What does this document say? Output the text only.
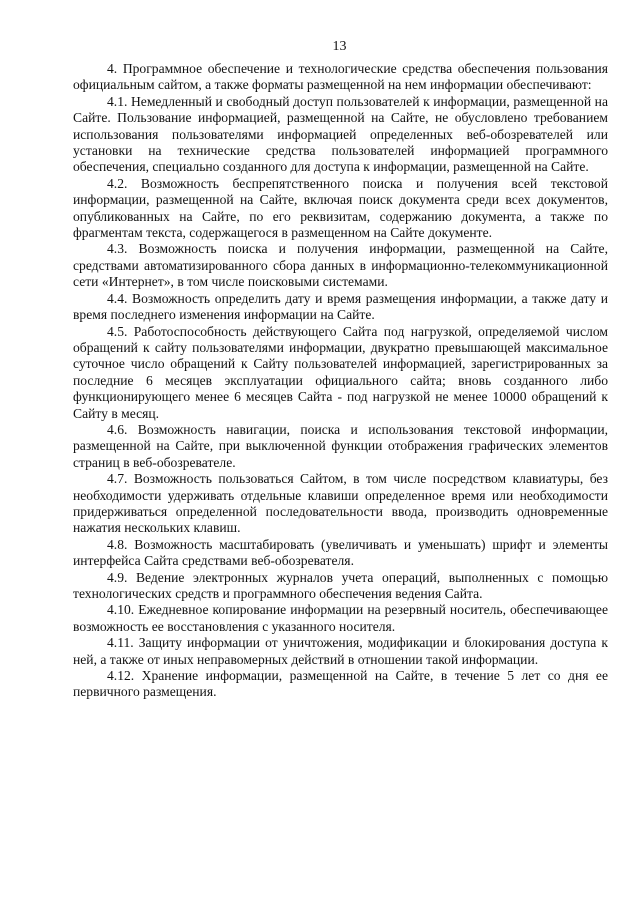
13

4. Программное обеспечение и технологические средства обеспечения пользования официальным сайтом, а также форматы размещенной на нем информации обеспечивают:

4.1. Немедленный и свободный доступ пользователей к информации, размещенной на Сайте. Пользование информацией, размещенной на Сайте, не обусловлено требованием использования пользователями информацией определенных веб-обозревателей или установки на технические средства пользователей информацией программного обеспечения, специально созданного для доступа к информации, размещенной на Сайте.

4.2. Возможность беспрепятственного поиска и получения всей текстовой информации, размещенной на Сайте, включая поиск документа среди всех документов, опубликованных на Сайте, по его реквизитам, содержанию документа, а также по фрагментам текста, содержащегося в размещенном на Сайте документе.

4.3. Возможность поиска и получения информации, размещенной на Сайте, средствами автоматизированного сбора данных в информационно-телекоммуникационной сети «Интернет», в том числе поисковыми системами.

4.4. Возможность определить дату и время размещения информации, а также дату и время последнего изменения информации на Сайте.

4.5. Работоспособность действующего Сайта под нагрузкой, определяемой числом обращений к сайту пользователями информации, двукратно превышающей максимальное суточное число обращений к Сайту пользователей информацией, зарегистрированных за последние 6 месяцев эксплуатации официального сайта; вновь созданного либо функционирующего менее 6 месяцев Сайта - под нагрузкой не менее 10000 обращений к Сайту в месяц.

4.6. Возможность навигации, поиска и использования текстовой информации, размещенной на Сайте, при выключенной функции отображения графических элементов страниц в веб-обозревателе.

4.7. Возможность пользоваться Сайтом, в том числе посредством клавиатуры, без необходимости удерживать отдельные клавиши определенное время или необходимости придерживаться определенной последовательности ввода, производить одновременные нажатия нескольких клавиш.

4.8. Возможность масштабировать (увеличивать и уменьшать) шрифт и элементы интерфейса Сайта средствами веб-обозревателя.

4.9. Ведение электронных журналов учета операций, выполненных с помощью технологических средств и программного обеспечения ведения Сайта.

4.10. Ежедневное копирование информации на резервный носитель, обеспечивающее возможность ее восстановления с указанного носителя.

4.11. Защиту информации от уничтожения, модификации и блокирования доступа к ней, а также от иных неправомерных действий в отношении такой информации.

4.12. Хранение информации, размещенной на Сайте, в течение 5 лет со дня ее первичного размещения.
